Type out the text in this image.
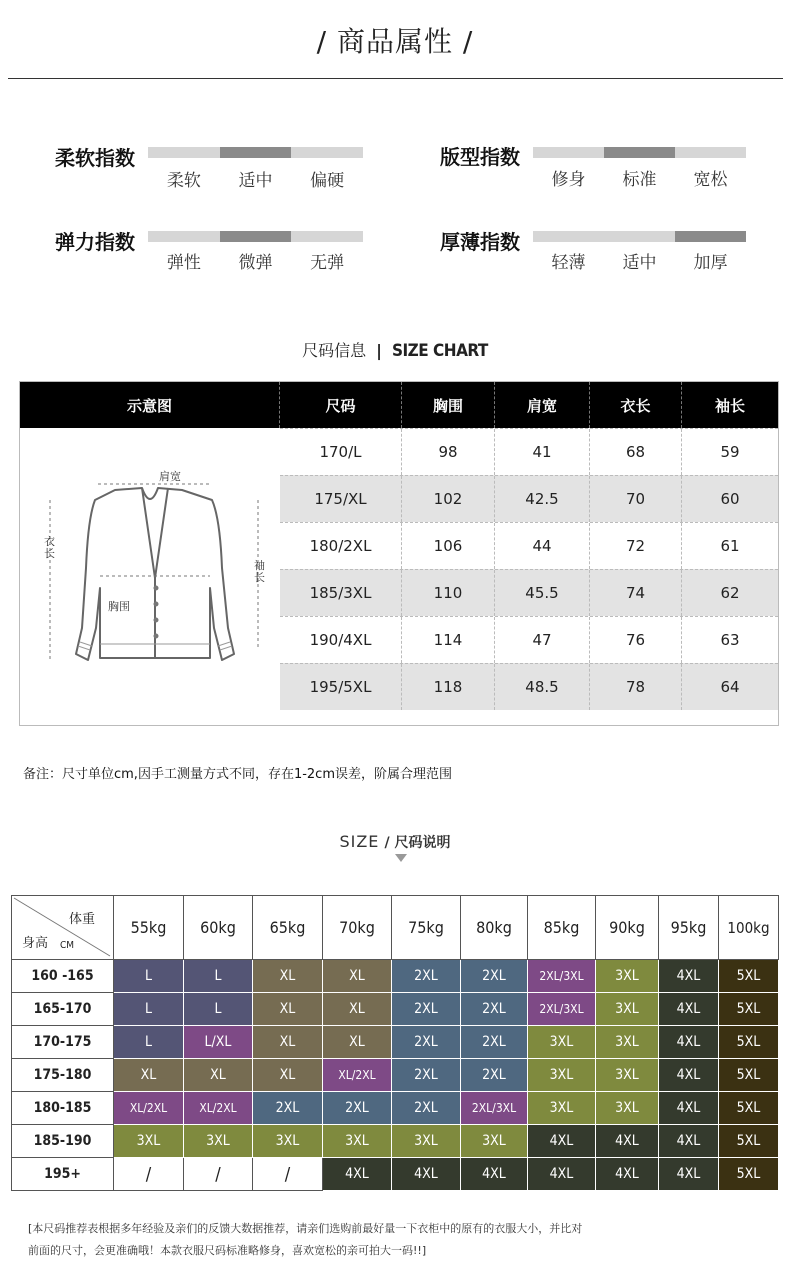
/ 商品属性 /
柔软指数
柔软	适中	偏硬
版型指数
修身	标准	宽松
弹力指数
弹性	微弹	无弹
厚薄指数
轻薄	适中	加厚
尺码信息 | SIZE CHART
示意图	尺码	胸围	肩宽	衣长	袖长
肩宽
衣长
袖长
胸围
170/L	98	41	68	59
175/XL	102	42.5	70	60
180/2XL	106	44	72	61
185/3XL	110	45.5	74	62
190/4XL	114	47	76	63
195/5XL	118	48.5	78	64
备注：尺寸单位cm,因手工测量方式不同，存在1-2cm误差，阶属合理范围
SIZE / 尺码说明
体重
身高 CM	55kg	60kg	65kg	70kg	75kg	80kg	85kg	90kg	95kg	100kg
160 -165	L	L	XL	XL	2XL	2XL	2XL/3XL	3XL	4XL	5XL
165-170	L	L	XL	XL	2XL	2XL	2XL/3XL	3XL	4XL	5XL
170-175	L	L/XL	XL	XL	2XL	2XL	3XL	3XL	4XL	5XL
175-180	XL	XL	XL	XL/2XL	2XL	2XL	3XL	3XL	4XL	5XL
180-185	XL/2XL	XL/2XL	2XL	2XL	2XL	2XL/3XL	3XL	3XL	4XL	5XL
185-190	3XL	3XL	3XL	3XL	3XL	3XL	4XL	4XL	4XL	5XL
195+	/	/	/	4XL	4XL	4XL	4XL	4XL	4XL	5XL
[本尺码推荐表根据多年经验及亲们的反馈大数据推荐，请亲们选购前最好量一下衣柜中的原有的衣服大小，并比对前面的尺寸，会更准确哦！本款衣服尺码标准略修身，喜欢宽松的亲可拍大一码!!]
